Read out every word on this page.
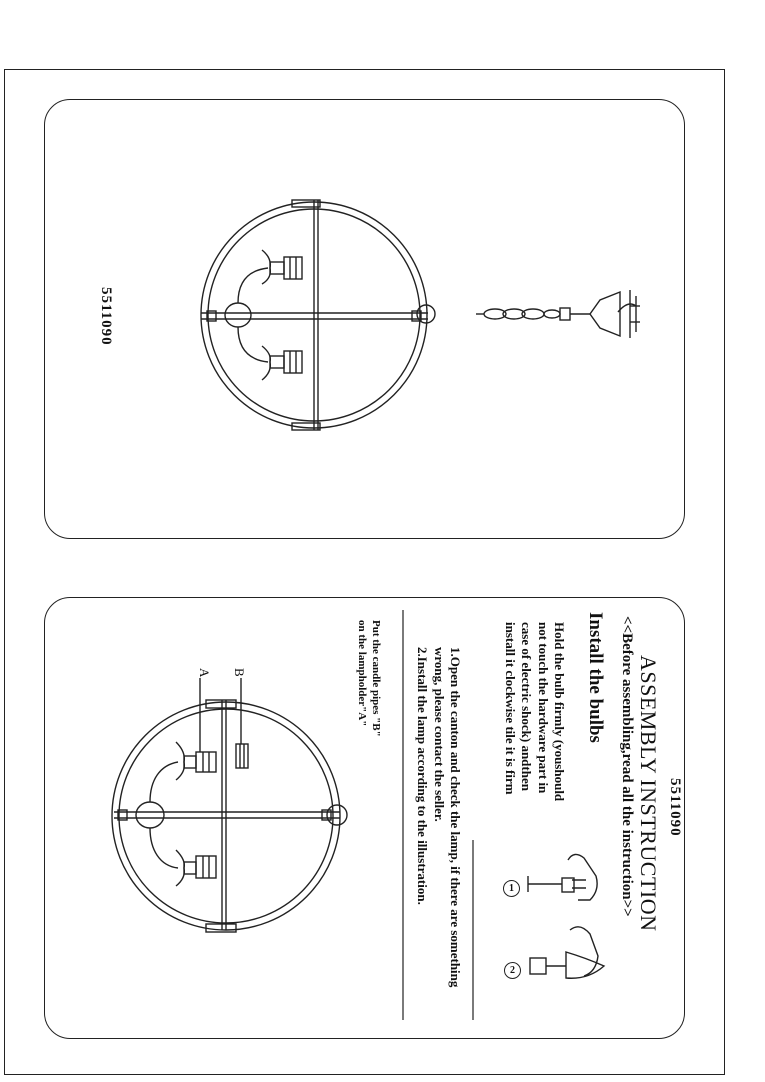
5511090
5511090
ASSEMBLY INSTRUCTION
<<Before assembling,read all the instruction>>
Install the bulbs
Hold the bulb firmly (youshould not touch the hardware part in case of electric shock) andthen install it clockwise tile it is firm
1.Open the canton and check the lamp, if there are something wrong, please contact the seller.
2.Install the lamp according to the illustration.
Put the candle pipes "B" on the lampholder"A"
A B
1
2
